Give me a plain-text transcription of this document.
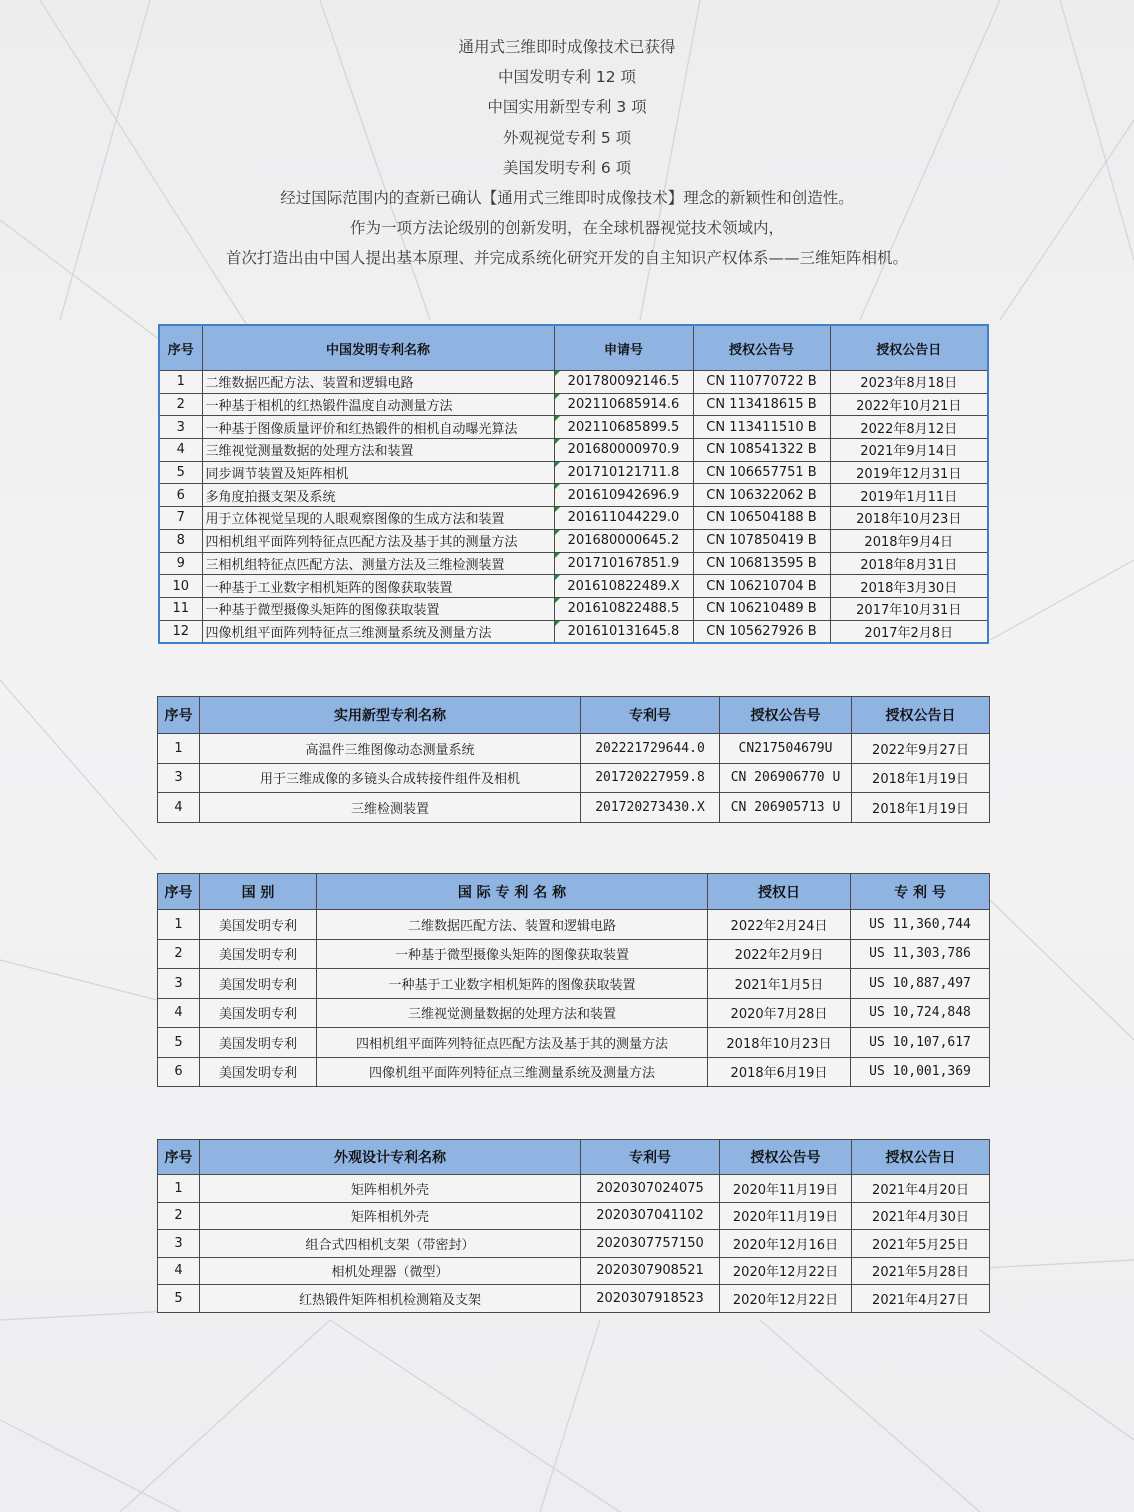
通用式三维即时成像技术已获得

中国发明专利 12 项

中国实用新型专利 3 项

外观视觉专利 5 项

美国发明专利 6 项

经过国际范围内的查新已确认【通用式三维即时成像技术】理念的新颖性和创造性。

作为一项方法论级别的创新发明，在全球机器视觉技术领域内，

首次打造出由中国人提出基本原理、并完成系统化研究开发的自主知识产权体系——三维矩阵相机。

序号	中国发明专利名称	申请号	授权公告号	授权公告日
1	二维数据匹配方法、装置和逻辑电路	201780092146.5	CN 110770722 B	2023年8月18日
2	一种基于相机的红热锻件温度自动测量方法	202110685914.6	CN 113418615 B	2022年10月21日
3	一种基于图像质量评价和红热锻件的相机自动曝光算法	202110685899.5	CN 113411510 B	2022年8月12日
4	三维视觉测量数据的处理方法和装置	201680000970.9	CN 108541322 B	2021年9月14日
5	同步调节装置及矩阵相机	201710121711.8	CN 106657751 B	2019年12月31日
6	多角度拍摄支架及系统	201610942696.9	CN 106322062 B	2019年1月11日
7	用于立体视觉呈现的人眼观察图像的生成方法和装置	201611044229.0	CN 106504188 B	2018年10月23日
8	四相机组平面阵列特征点匹配方法及基于其的测量方法	201680000645.2	CN 107850419 B	2018年9月4日
9	三相机组特征点匹配方法、测量方法及三维检测装置	201710167851.9	CN 106813595 B	2018年8月31日
10	一种基于工业数字相机矩阵的图像获取装置	201610822489.X	CN 106210704 B	2018年3月30日
11	一种基于微型摄像头矩阵的图像获取装置	201610822488.5	CN 106210489 B	2017年10月31日
12	四像机组平面阵列特征点三维测量系统及测量方法	201610131645.8	CN 105627926 B	2017年2月8日
序号	实用新型专利名称	专利号	授权公告号	授权公告日
1	高温件三维图像动态测量系统	202221729644.0	CN217504679U	2022年9月27日
3	用于三维成像的多镜头合成转接件组件及相机	201720227959.8	CN 206906770 U	2018年1月19日
4	三维检测装置	201720273430.X	CN 206905713 U	2018年1月19日
序号	国 别	国 际 专 利 名 称	授权日	专 利 号
1	美国发明专利	二维数据匹配方法、装置和逻辑电路	2022年2月24日	US 11,360,744
2	美国发明专利	一种基于微型摄像头矩阵的图像获取装置	2022年2月9日	US 11,303,786
3	美国发明专利	一种基于工业数字相机矩阵的图像获取装置	2021年1月5日	US 10,887,497
4	美国发明专利	三维视觉测量数据的处理方法和装置	2020年7月28日	US 10,724,848
5	美国发明专利	四相机组平面阵列特征点匹配方法及基于其的测量方法	2018年10月23日	US 10,107,617
6	美国发明专利	四像机组平面阵列特征点三维测量系统及测量方法	2018年6月19日	US 10,001,369
序号	外观设计专利名称	专利号	授权公告号	授权公告日
1	矩阵相机外壳	2020307024075	2020年11月19日	2021年4月20日
2	矩阵相机外壳	2020307041102	2020年11月19日	2021年4月30日
3	组合式四相机支架（带密封）	2020307757150	2020年12月16日	2021年5月25日
4	相机处理器（微型）	2020307908521	2020年12月22日	2021年5月28日
5	红热锻件矩阵相机检测箱及支架	2020307918523	2020年12月22日	2021年4月27日
